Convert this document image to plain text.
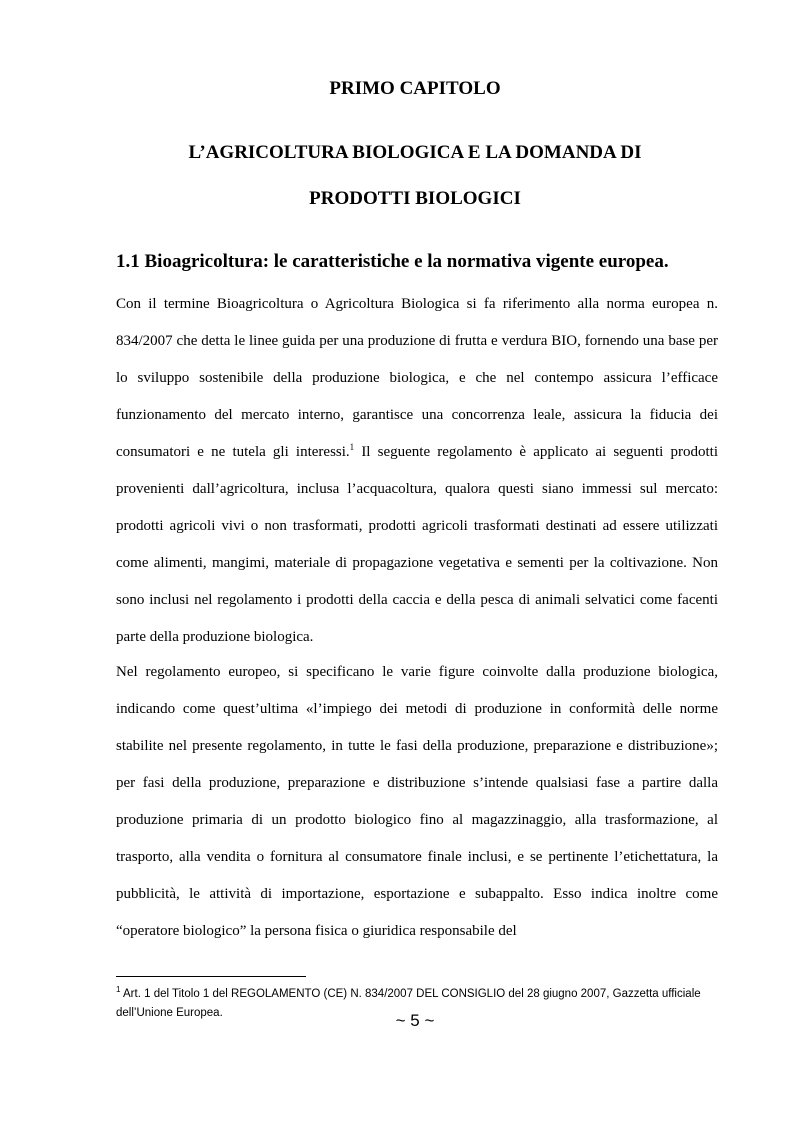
PRIMO CAPITOLO
L’AGRICOLTURA BIOLOGICA E LA DOMANDA DI
PRODOTTI BIOLOGICI
1.1 Bioagricoltura: le caratteristiche e la normativa vigente europea.

Con il termine Bioagricoltura o Agricoltura Biologica si fa riferimento alla norma europea n. 834/2007 che detta le linee guida per una produzione di frutta e verdura BIO, fornendo una base per lo sviluppo sostenibile della produzione biologica, e che nel contempo assicura l’efficace funzionamento del mercato interno, garantisce una concorrenza leale, assicura la fiducia dei consumatori e ne tutela gli interessi.$^1$ Il seguente regolamento è applicato ai seguenti prodotti provenienti dall’agricoltura, inclusa l’acquacoltura, qualora questi siano immessi sul mercato: prodotti agricoli vivi o non trasformati, prodotti agricoli trasformati destinati ad essere utilizzati come alimenti, mangimi, materiale di propagazione vegetativa e sementi per la coltivazione. Non sono inclusi nel regolamento i prodotti della caccia e della pesca di animali selvatici come facenti parte della produzione biologica.

Nel regolamento europeo, si specificano le varie figure coinvolte dalla produzione biologica, indicando come quest’ultima «l’impiego dei metodi di produzione in conformità delle norme stabilite nel presente regolamento, in tutte le fasi della produzione, preparazione e distribuzione»; per fasi della produzione, preparazione e distribuzione s’intende qualsiasi fase a partire dalla produzione primaria di un prodotto biologico fino al magazzinaggio, alla trasformazione, al trasporto, alla vendita o fornitura al consumatore finale inclusi, e se pertinente l’etichettatura, la pubblicità, le attività di importazione, esportazione e subappalto. Esso indica inoltre come “operatore biologico” la persona fisica o giuridica responsabile del

$^1$ Art. 1 del Titolo 1 del REGOLAMENTO (CE) N. 834/2007 DEL CONSIGLIO del 28 giugno 2007, Gazzetta ufficiale dell’Unione Europea.	~ 5 ~
